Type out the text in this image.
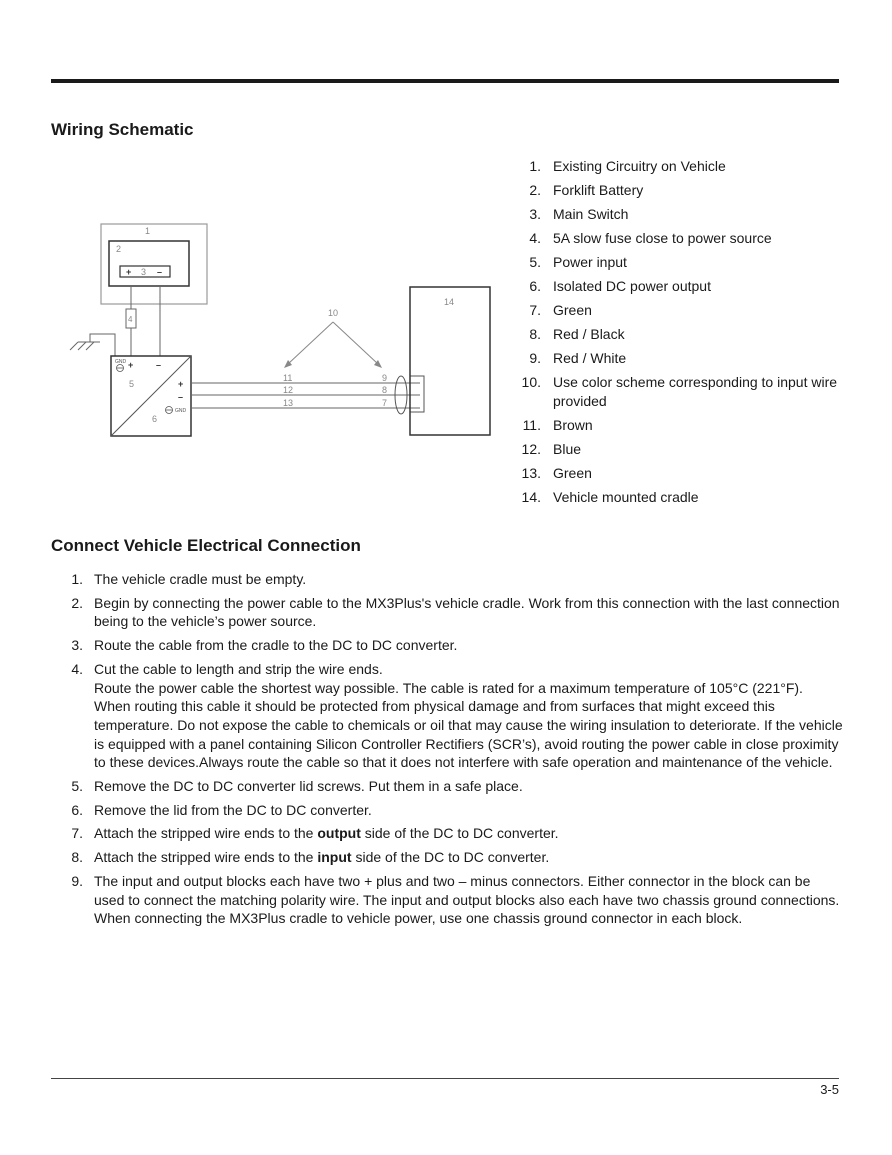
Wiring Schematic
1
2
+ 3 –
4
GND +	–
5	+
–
6
GND
11
12
13
9
8
7
10
14
1. Existing Circuitry on Vehicle
2. Forklift Battery
3. Main Switch
4. 5A slow fuse close to power source
5. Power input
6. Isolated DC power output
7. Green
8. Red / Black
9. Red / White
10. Use color scheme corresponding to input wire provided
11. Brown
12. Blue
13. Green
14. Vehicle mounted cradle
Connect Vehicle Electrical Connection
1. The vehicle cradle must be empty.
2. Begin by connecting the power cable to the MX3Plus's vehicle cradle. Work from this connection with the last connection being to the vehicle’s power source.
3. Route the cable from the cradle to the DC to DC converter.
4. Cut the cable to length and strip the wire ends.
Route the power cable the shortest way possible. The cable is rated for a maximum temperature of 105°C (221°F). When routing this cable it should be protected from physical damage and from surfaces that might exceed this temperature. Do not expose the cable to chemicals or oil that may cause the wiring insulation to deteriorate. If the vehicle is equipped with a panel containing Silicon Controller Rectifiers (SCR’s), avoid routing the power cable in close proximity to these devices.Always route the cable so that it does not interfere with safe operation and maintenance of the vehicle.
5. Remove the DC to DC converter lid screws. Put them in a safe place.
6. Remove the lid from the DC to DC converter.
7. Attach the stripped wire ends to the output side of the DC to DC converter.
8. Attach the stripped wire ends to the input side of the DC to DC converter.
9. The input and output blocks each have two + plus and two – minus connectors. Either connector in the block can be used to connect the matching polarity wire. The input and output blocks also each have two chassis ground connections. When connecting the MX3Plus cradle to vehicle power, use one chassis ground connector in each block.
3-5
